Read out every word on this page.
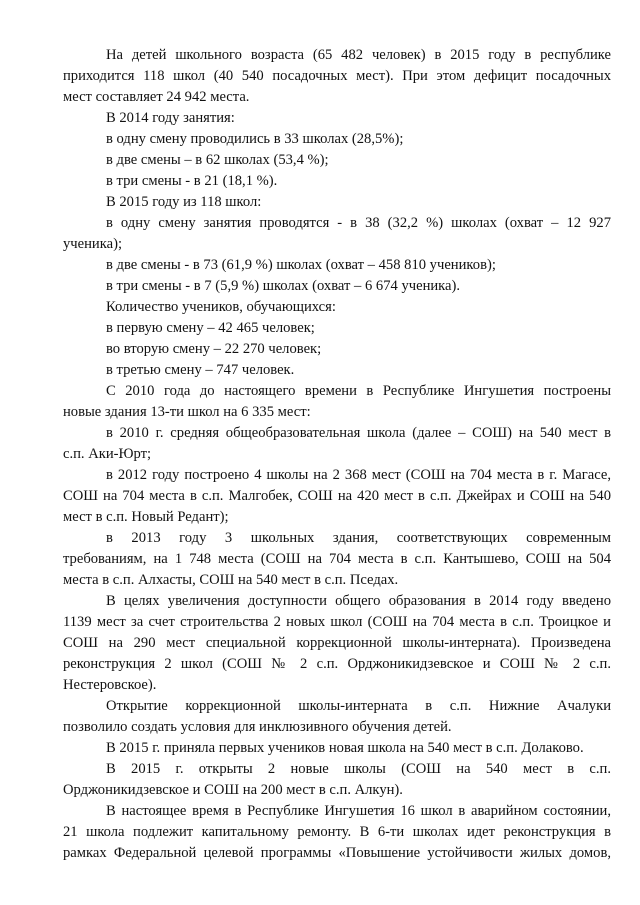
На детей школьного возраста (65 482 человек) в 2015 году в республике
приходится 118 школ (40 540 посадочных мест). При этом дефицит посадочных
мест составляет 24 942 места.
В 2014 году занятия:
в одну смену проводились в 33 школах (28,5%);
в две смены – в 62 школах (53,4 %);
в три смены - в 21 (18,1 %).
В 2015 году из 118 школ:
в одну смену занятия проводятся - в 38 (32,2 %) школах (охват – 12 927
ученика);
в две смены - в 73 (61,9 %) школах (охват – 458 810 учеников);
в три смены - в 7 (5,9 %) школах (охват – 6 674 ученика).
Количество учеников, обучающихся:
в первую смену – 42 465 человек;
во вторую смену – 22 270 человек;
в третью смену – 747 человек.
С 2010 года до настоящего времени в Республике Ингушетия построены
новые здания 13-ти школ на 6 335 мест:
в 2010 г. средняя общеобразовательная школа (далее – СОШ) на 540 мест в
с.п. Аки-Юрт;
в 2012 году построено 4 школы на 2 368 мест (СОШ на 704 места в г. Магасе,
СОШ на 704 места в с.п. Малгобек, СОШ на 420 мест в с.п. Джейрах и СОШ на 540
мест в с.п. Новый Редант);
в 2013 году 3 школьных здания, соответствующих современным
требованиям, на 1 748 места (СОШ на 704 места в с.п. Кантышево, СОШ на 504
места в с.п. Алхасты, СОШ на 540 мест в с.п. Пседах.
В целях увеличения доступности общего образования в 2014 году введено
1139 мест за счет строительства 2 новых школ (СОШ на 704 места в с.п. Троицкое и
СОШ на 290 мест специальной коррекционной школы-интерната). Произведена
реконструкция 2 школ (СОШ № 2 с.п. Орджоникидзевское и СОШ № 2 с.п.
Нестеровское).
Открытие коррекционной школы-интерната в с.п. Нижние Ачалуки
позволило создать условия для инклюзивного обучения детей.
В 2015 г. приняла первых учеников новая школа на 540 мест в с.п. Долаково.
В 2015 г. открыты 2 новые школы (СОШ на 540 мест в с.п.
Орджоникидзевское и СОШ на 200 мест в с.п. Алкун).
В настоящее время в Республике Ингушетия 16 школ в аварийном состоянии,
21 школа подлежит капитальному ремонту. В 6-ти школах идет реконструкция в
рамках Федеральной целевой программы «Повышение устойчивости жилых домов,
